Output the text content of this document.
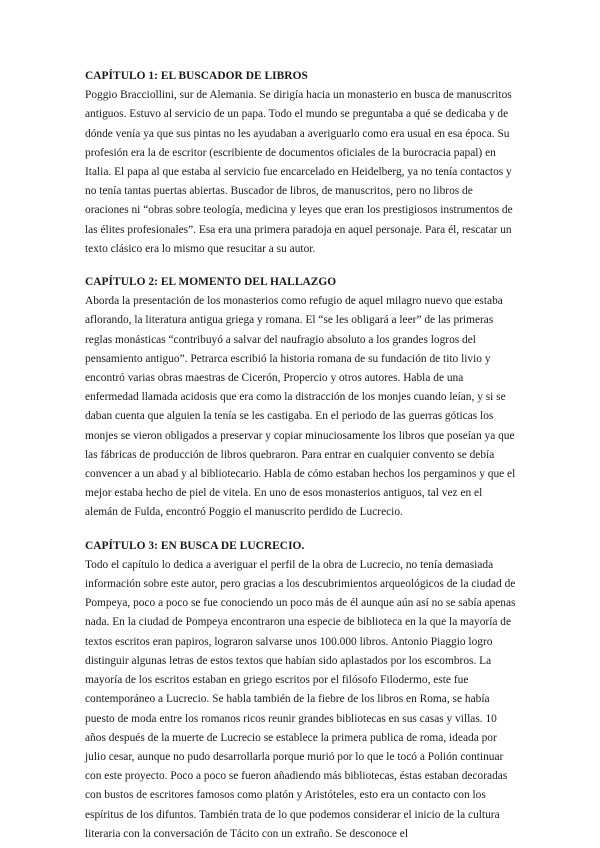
CAPÍTULO 1: EL BUSCADOR DE LIBROS

Poggio Bracciollini, sur de Alemania. Se dirigía hacia un monasterio en busca de manuscritos antiguos. Estuvo al servicio de un papa. Todo el mundo se preguntaba a qué se dedicaba y de dónde venía ya que sus pintas no les ayudaban a averiguarlo como era usual en esa época. Su profesión era la de escritor (escribiente de documentos oficiales de la burocracia papal) en Italia. El papa al que estaba al servicio fue encarcelado en Heidelberg, ya no tenía contactos y no tenía tantas puertas abiertas. Buscador de libros, de manuscritos, pero no libros de oraciones ni “obras sobre teología, medicina y leyes que eran los prestigiosos instrumentos de las élites profesionales”. Esa era una primera paradoja en aquel personaje. Para él, rescatar un texto clásico era lo mismo que resucitar a su autor.

CAPÍTULO 2: EL MOMENTO DEL HALLAZGO

Aborda la presentación de los monasterios como refugio de aquel milagro nuevo que estaba aflorando, la literatura antigua griega y romana. El “se les obligará a leer” de las primeras reglas monásticas “contribuyó a salvar del naufragio absoluto a los grandes logros del pensamiento antiguo”. Petrarca escribió la historia romana de su fundación de tito livio y encontró varias obras maestras de Cicerón, Propercio y otros autores. Habla de una enfermedad llamada acidosis que era como la distracción de los monjes cuando leían, y si se daban cuenta que alguien la tenía se les castigaba. En el periodo de las guerras góticas los monjes se vieron obligados a preservar y copiar minuciosamente los libros que poseían ya que las fábricas de producción de libros quebraron. Para entrar en cualquier convento se debía convencer a un abad y al bibliotecario. Habla de cómo estaban hechos los pergaminos y que el mejor estaba hecho de piel de vitela. En uno de esos monasterios antiguos, tal vez en el alemán de Fulda, encontró Poggio el manuscrito perdido de Lucrecio.

CAPÍTULO 3: EN BUSCA DE LUCRECIO.

Todo el capítulo lo dedica a averiguar el perfil de la obra de Lucrecio, no tenía demasiada información sobre este autor, pero gracias a los descubrimientos arqueológicos de la ciudad de Pompeya, poco a poco se fue conociendo un poco más de él aunque aún así no se sabía apenas nada. En la ciudad de Pompeya encontraron una especie de biblioteca en la que la mayoría de textos escritos eran papiros, lograron salvarse unos 100.000 libros. Antonio Piaggio logro distinguir algunas letras de estos textos que habían sido aplastados por los escombros. La mayoría de los escritos estaban en griego escritos por el filósofo Filodermo, este fue contemporáneo a Lucrecio. Se habla también de la fiebre de los libros en Roma, se había puesto de moda entre los romanos ricos reunir grandes bibliotecas en sus casas y villas. 10 años después de la muerte de Lucrecio se establece la primera publica de roma, ideada por julio cesar, aunque no pudo desarrollarla porque murió por lo que le tocó a Polión continuar con este proyecto. Poco a poco se fueron añadiendo más bibliotecas, éstas estaban decoradas con bustos de escritores famosos como platón y Aristóteles, esto era un contacto con los espíritus de los difuntos. También trata de lo que podemos considerar el inicio de la cultura literaria con la conversación de Tácito con un extraño. Se desconoce el
